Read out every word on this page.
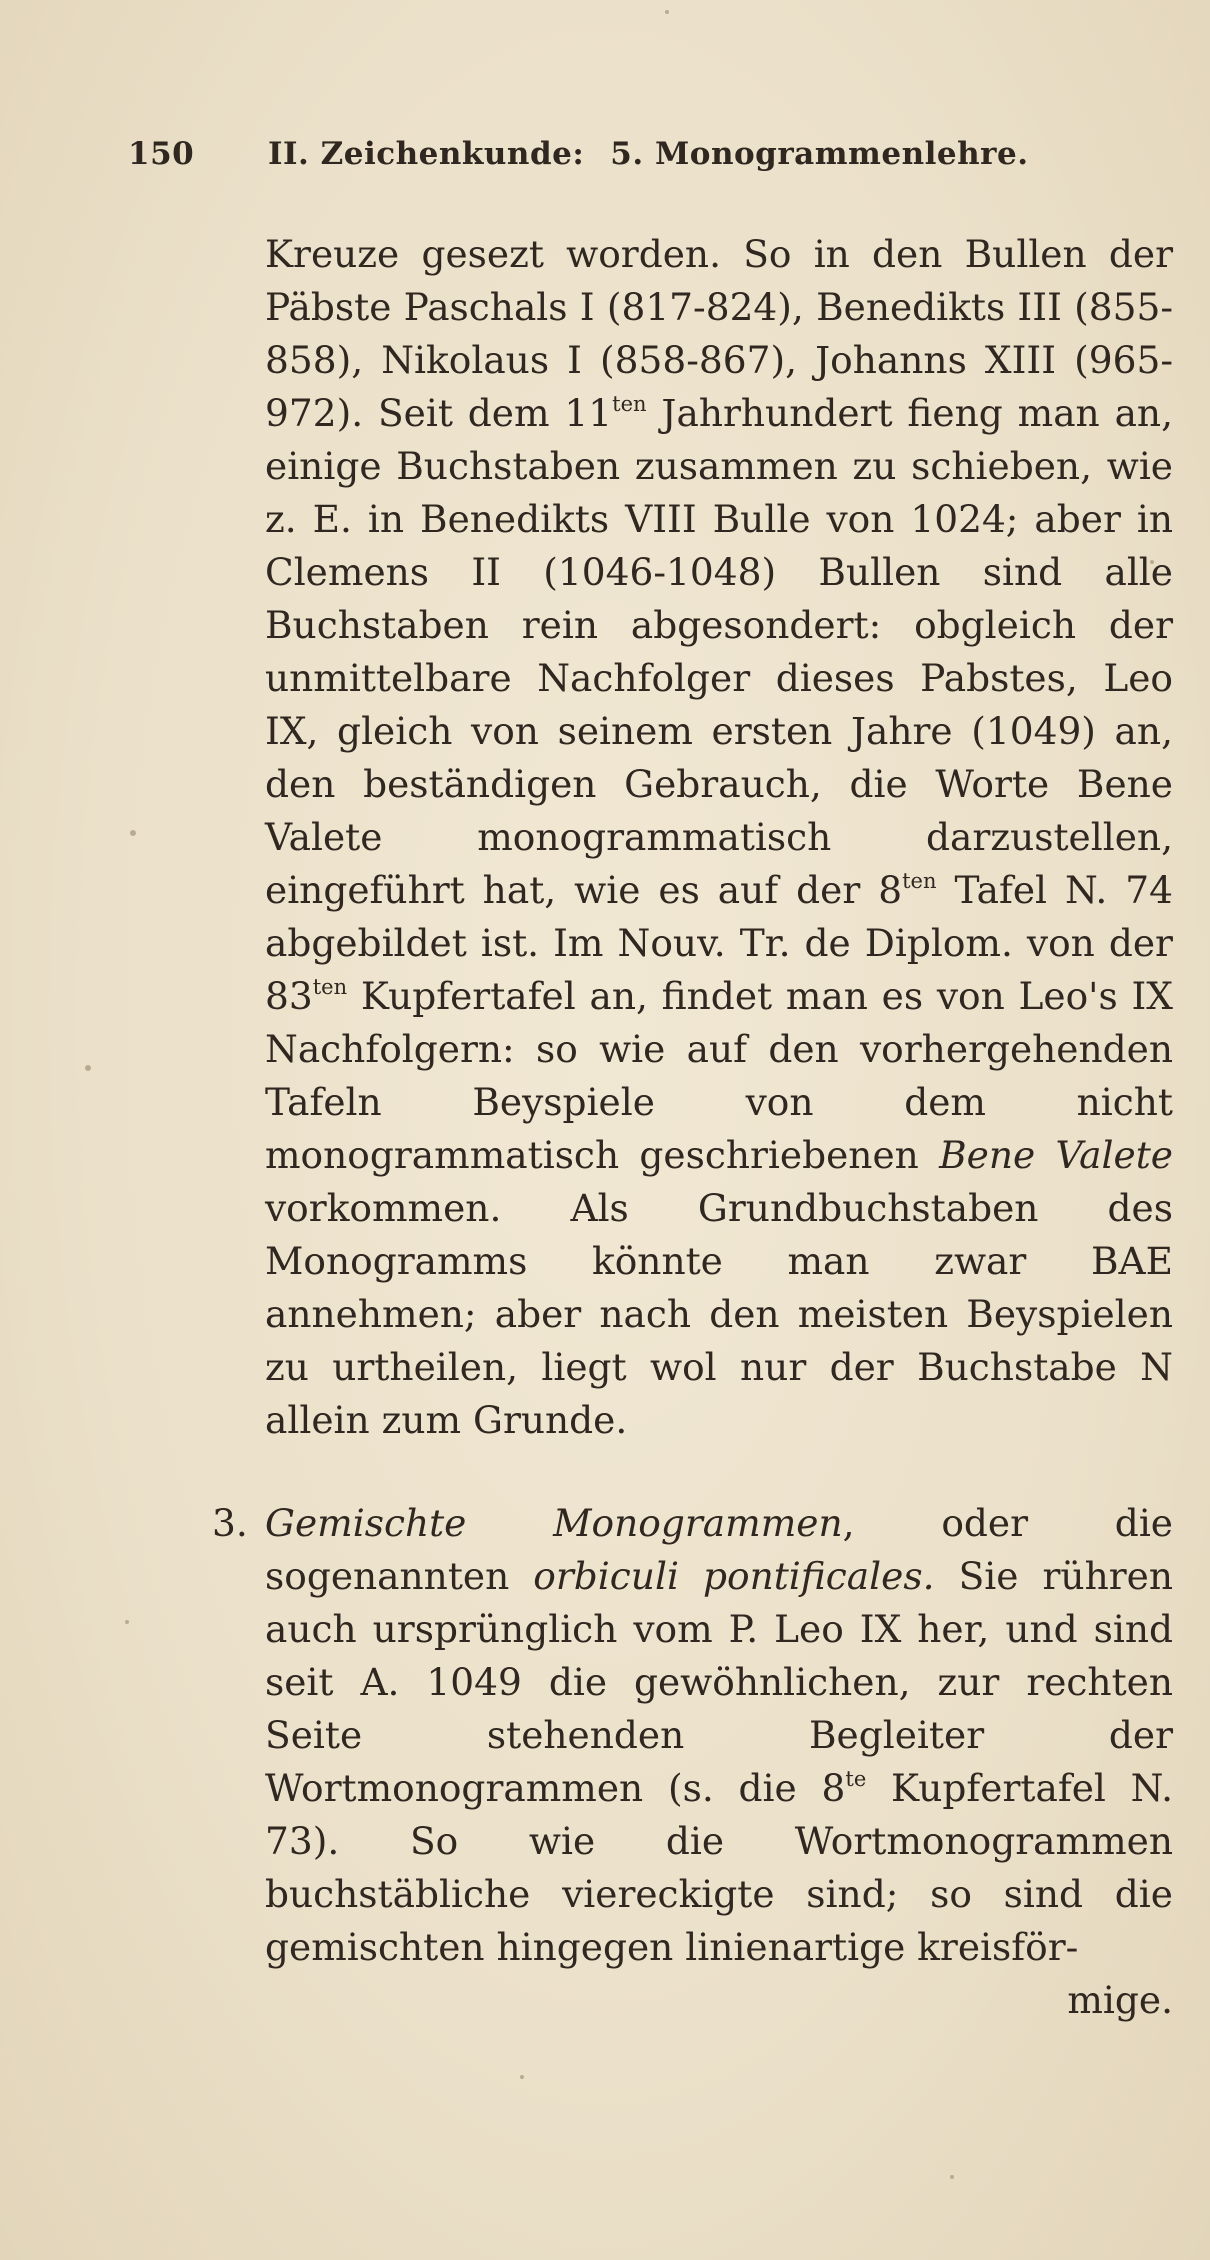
150 II. Zeichenkunde: 5. Monogrammenlehre.

Kreuze gesezt worden. So in den Bullen der Päbste Paschals I (817-824), Benedikts III (855-858), Nikolaus I (858-867), Johanns XIII (965-972). Seit dem $11^{ten}$ Jahrhundert fieng man an, einige Buchstaben zusammen zu schieben, wie z. E. in Benedikts VIII Bulle von 1024; aber in Clemens II (1046-1048) Bullen sind alle Buchstaben rein abgesondert: obgleich der unmittelbare Nachfolger dieses Pabstes, Leo IX, gleich von seinem ersten Jahre (1049) an, den beständigen Gebrauch, die Worte Bene Valete monogrammatisch darzustellen, eingeführt hat, wie es auf der $8^{ten}$ Tafel N. 74 abgebildet ist. Im Nouv. Tr. de Diplom. von der $83^{ten}$ Kupfertafel an, findet man es von Leo's IX Nachfolgern: so wie auf den vorhergehenden Tafeln Beyspiele von dem nicht monogrammatisch geschriebenen Bene Valete vorkommen. Als Grundbuchstaben des Monogramms könnte man zwar BAE annehmen; aber nach den meisten Beyspielen zu urtheilen, liegt wol nur der Buchstabe N allein zum Grunde.

3. Gemischte Monogrammen, oder die sogenannten orbiculi pontificales. Sie rühren auch ursprünglich vom P. Leo IX her, und sind seit A. 1049 die gewöhnlichen, zur rechten Seite stehenden Begleiter der Wortmonogrammen (s. die $8^{te}$ Kupfertafel N. 73). So wie die Wortmonogrammen buchstäbliche viereckigte sind; so sind die gemischten hingegen linienartige kreisför-
mige.
